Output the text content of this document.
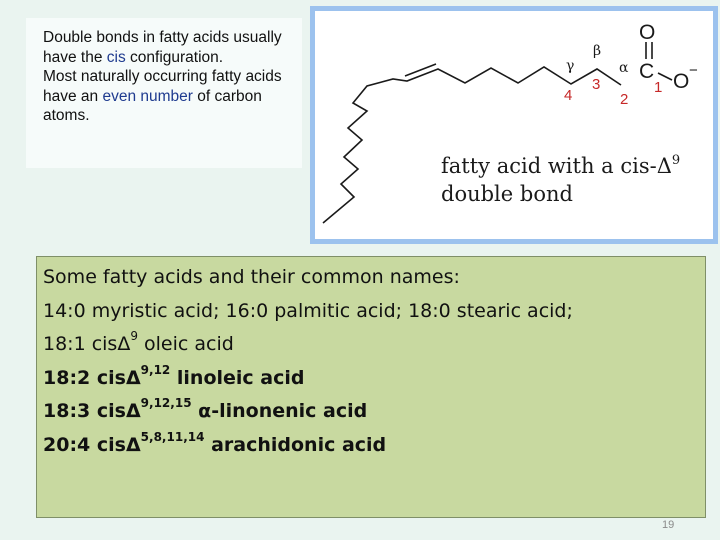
Double bonds in fatty acids usually have the cis configuration.

Most naturally occurring fatty acids have an even number of carbon atoms.

O
C O −
γ
β
α
1
2
3
4
fatty acid with a cis-$\Delta^9$
double bond
Some fatty acids and their common names:
14:0 myristic acid; 16:0 palmitic acid; 18:0 stearic acid;
18:1 cisΔ$^9$ oleic acid
18:2 cisΔ$^{9,12}$ linoleic acid
18:3 cisΔ$^{9,12,15}$ α-linonenic acid
20:4 cisΔ$^{5,8,11,14}$ arachidonic acid
19
